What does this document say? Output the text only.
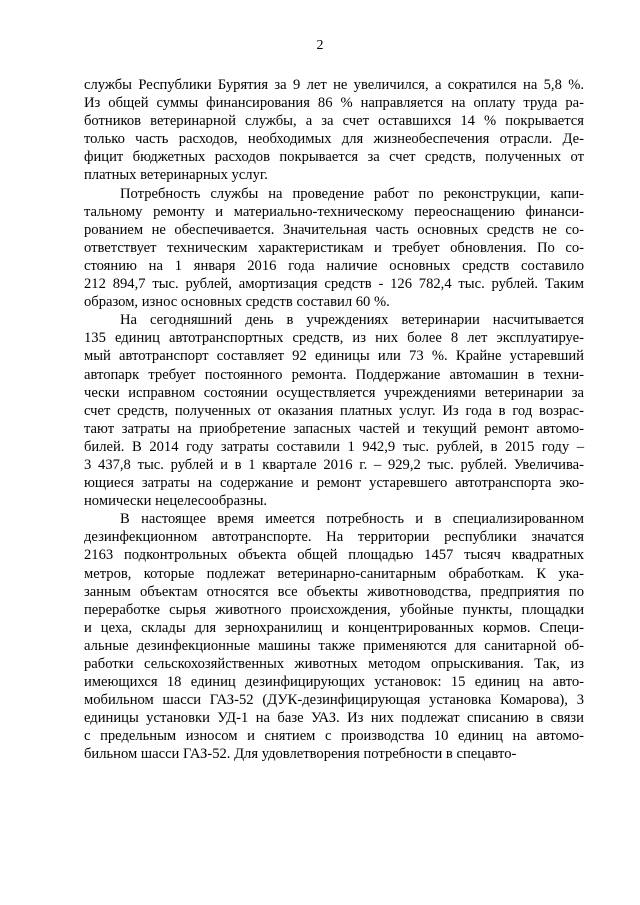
2
службы Республики Бурятия за 9 лет не увеличился, а сократился на 5,8 %.
Из общей суммы финансирования 86 % направляется на оплату труда ра-
ботников ветеринарной службы, а за счет оставшихся 14 % покрывается
только часть расходов, необходимых для жизнеобеспечения отрасли. Де-
фицит бюджетных расходов покрывается за счет средств, полученных от
платных ветеринарных услуг.
Потребность службы на проведение работ по реконструкции, капи-
тальному ремонту и материально-техническому переоснащению финанси-
рованием не обеспечивается. Значительная часть основных средств не со-
ответствует техническим характеристикам и требует обновления. По со-
стоянию на 1 января 2016 года наличие основных средств составило
212 894,7 тыс. рублей, амортизация средств - 126 782,4 тыс. рублей. Таким
образом, износ основных средств составил 60 %.
На сегодняшний день в учреждениях ветеринарии насчитывается
135 единиц автотранспортных средств, из них более 8 лет эксплуатируе-
мый автотранспорт составляет 92 единицы или 73 %. Крайне устаревший
автопарк требует постоянного ремонта. Поддержание автомашин в техни-
чески исправном состоянии осуществляется учреждениями ветеринарии за
счет средств, полученных от оказания платных услуг. Из года в год возрас-
тают затраты на приобретение запасных частей и текущий ремонт автомо-
билей. В 2014 году затраты составили 1 942,9 тыс. рублей, в 2015 году –
3 437,8 тыс. рублей и в 1 квартале 2016 г. – 929,2 тыс. рублей. Увеличива-
ющиеся затраты на содержание и ремонт устаревшего автотранспорта эко-
номически нецелесообразны.
В настоящее время имеется потребность и в специализированном
дезинфекционном автотранспорте. На территории республики значатся
2163 подконтрольных объекта общей площадью 1457 тысяч квадратных
метров, которые подлежат ветеринарно-санитарным обработкам. К ука-
занным объектам относятся все объекты животноводства, предприятия по
переработке сырья животного происхождения, убойные пункты, площадки
и цеха, склады для зернохранилищ и концентрированных кормов. Специ-
альные дезинфекционные машины также применяются для санитарной об-
работки сельскохозяйственных животных методом опрыскивания. Так, из
имеющихся 18 единиц дезинфицирующих установок: 15 единиц на авто-
мобильном шасси ГАЗ-52 (ДУК-дезинфицирующая установка Комарова), 3
единицы установки УД-1 на базе УАЗ. Из них подлежат списанию в связи
с предельным износом и снятием с производства 10 единиц на автомо-
бильном шасси ГАЗ-52. Для удовлетворения потребности в спецавто-
